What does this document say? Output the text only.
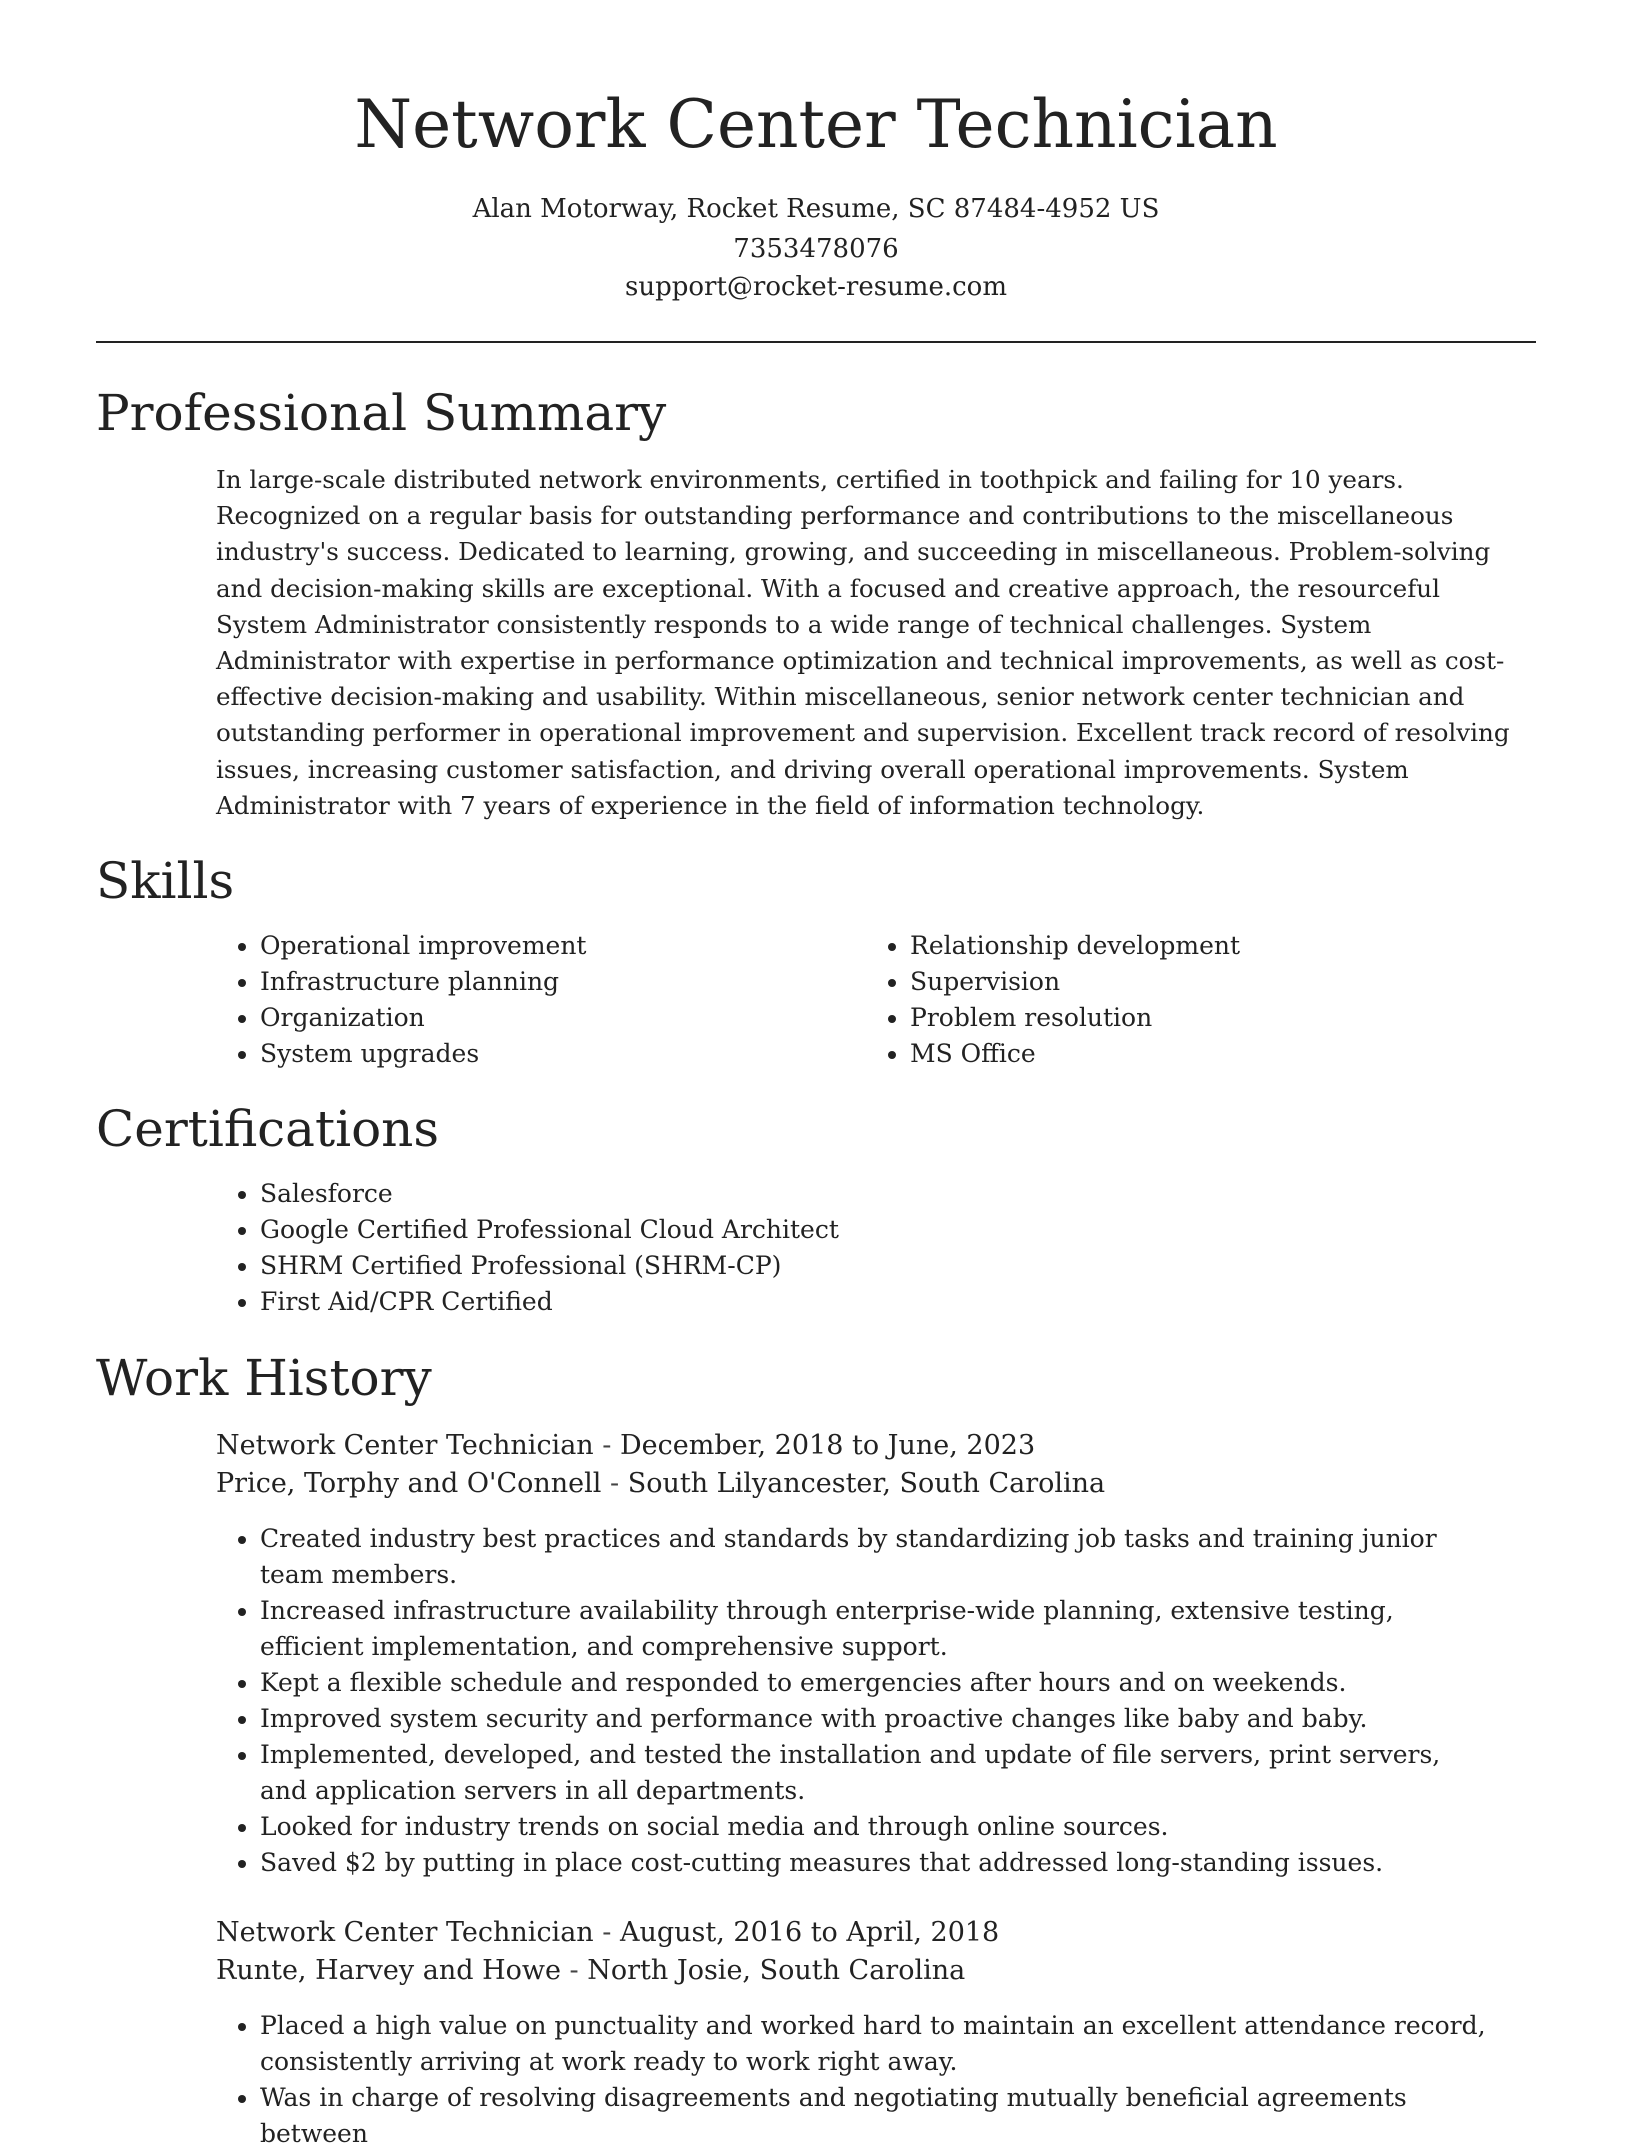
Network Center Technician
Alan Motorway, Rocket Resume, SC 87484-4952 US
7353478076
support@rocket-resume.com
Professional Summary

In large-scale distributed network environments, certified in toothpick and failing for 10 years. Recognized on a regular basis for outstanding performance and contributions to the miscellaneous industry's success. Dedicated to learning, growing, and succeeding in miscellaneous. Problem-solving and decision-making skills are exceptional. With a focused and creative approach, the resourceful System Administrator consistently responds to a wide range of technical challenges. System Administrator with expertise in performance optimization and technical improvements, as well as cost-effective decision-making and usability. Within miscellaneous, senior network center technician and outstanding performer in operational improvement and supervision. Excellent track record of resolving issues, increasing customer satisfaction, and driving overall operational improvements. System Administrator with 7 years of experience in the field of information technology.

Skills
• Operational improvement
• Infrastructure planning
• Organization
• System upgrades
• Relationship development
• Supervision
• Problem resolution
• MS Office
Certifications
• Salesforce
• Google Certified Professional Cloud Architect
• SHRM Certified Professional (SHRM-CP)
• First Aid/CPR Certified
Work History
Network Center Technician - December, 2018 to June, 2023
Price, Torphy and O'Connell - South Lilyancester, South Carolina
• Created industry best practices and standards by standardizing job tasks and training junior team members.
• Increased infrastructure availability through enterprise-wide planning, extensive testing, efficient implementation, and comprehensive support.
• Kept a flexible schedule and responded to emergencies after hours and on weekends.
• Improved system security and performance with proactive changes like baby and baby.
• Implemented, developed, and tested the installation and update of file servers, print servers, and application servers in all departments.
• Looked for industry trends on social media and through online sources.
• Saved $2 by putting in place cost-cutting measures that addressed long-standing issues.
Network Center Technician - August, 2016 to April, 2018
Runte, Harvey and Howe - North Josie, South Carolina
• Placed a high value on punctuality and worked hard to maintain an excellent attendance record, consistently arriving at work ready to work right away.
• Was in charge of resolving disagreements and negotiating mutually beneficial agreements between
